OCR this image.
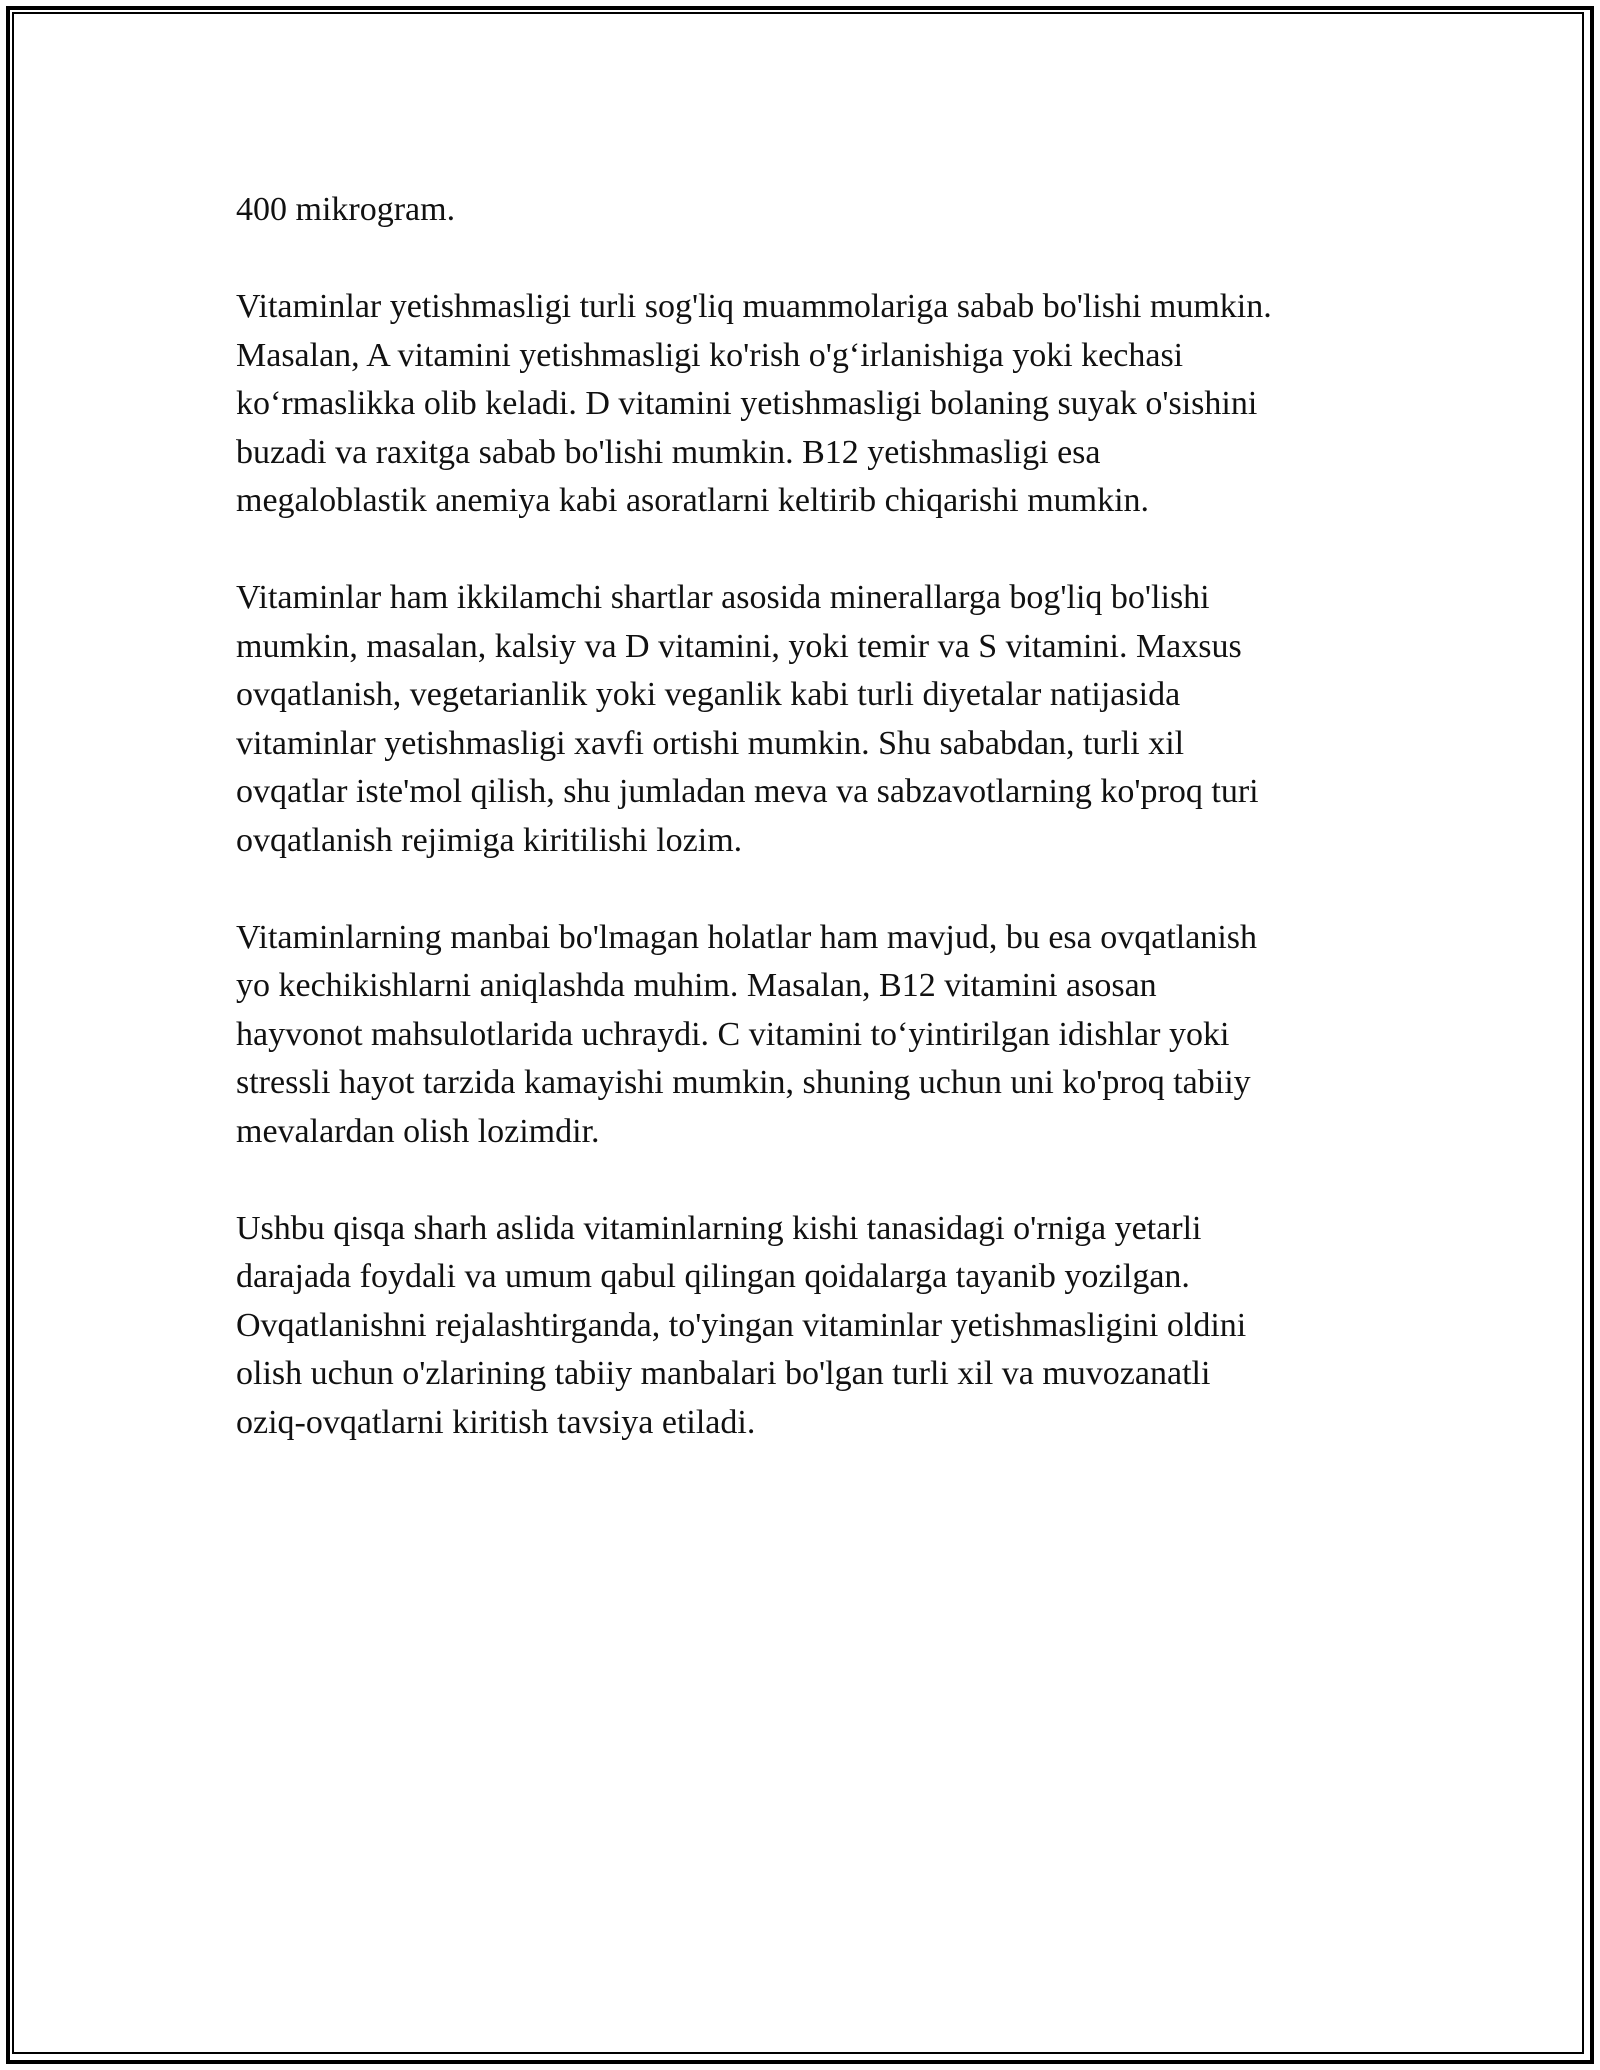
400 mikrogram.

Vitaminlar yetishmasligi turli sog'liq muammolariga sabab bo'lishi mumkin.
Masalan, A vitamini yetishmasligi ko'rish o'g‘irlanishiga yoki kechasi
ko‘rmaslikka olib keladi. D vitamini yetishmasligi bolaning suyak o'sishini
buzadi va raxitga sabab bo'lishi mumkin. B12 yetishmasligi esa
megaloblastik anemiya kabi asoratlarni keltirib chiqarishi mumkin.

Vitaminlar ham ikkilamchi shartlar asosida minerallarga bog'liq bo'lishi
mumkin, masalan, kalsiy va D vitamini, yoki temir va S vitamini. Maxsus
ovqatlanish, vegetarianlik yoki veganlik kabi turli diyetalar natijasida
vitaminlar yetishmasligi xavfi ortishi mumkin. Shu sababdan, turli xil
ovqatlar iste'mol qilish, shu jumladan meva va sabzavotlarning ko'proq turi
ovqatlanish rejimiga kiritilishi lozim.

Vitaminlarning manbai bo'lmagan holatlar ham mavjud, bu esa ovqatlanish
yo kechikishlarni aniqlashda muhim. Masalan, B12 vitamini asosan
hayvonot mahsulotlarida uchraydi. C vitamini to‘yintirilgan idishlar yoki
stressli hayot tarzida kamayishi mumkin, shuning uchun uni ko'proq tabiiy
mevalardan olish lozimdir.

Ushbu qisqa sharh aslida vitaminlarning kishi tanasidagi o'rniga yetarli
darajada foydali va umum qabul qilingan qoidalarga tayanib yozilgan.
Ovqatlanishni rejalashtirganda, to'yingan vitaminlar yetishmasligini oldini
olish uchun o'zlarining tabiiy manbalari bo'lgan turli xil va muvozanatli
oziq-ovqatlarni kiritish tavsiya etiladi.
